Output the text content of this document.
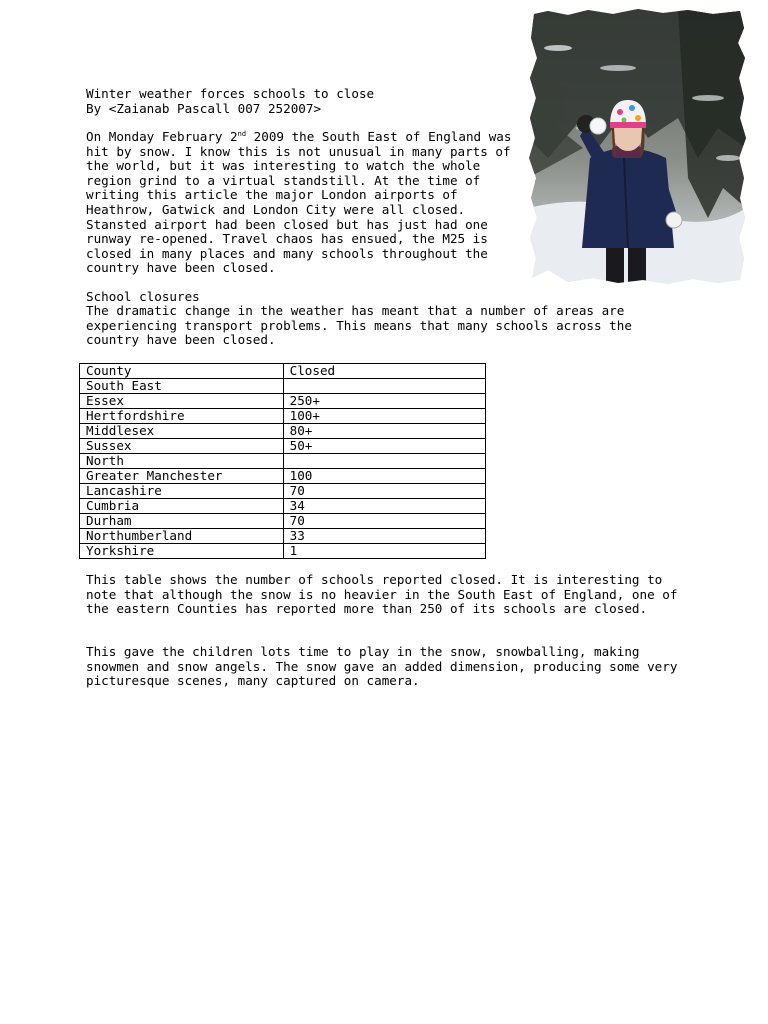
Winter weather forces schools to close
By <Zaianab Pascall 007 252007>

On Monday February 2nd 2009 the South East of England was hit by snow. I know this is not unusual in many parts of the world, but it was interesting to watch the whole region grind to a virtual standstill. At the time of writing this article the major London airports of Heathrow, Gatwick and London City were all closed. Stansted airport had been closed but has just had one runway re-opened. Travel chaos has ensued, the M25 is closed in many places and many schools throughout the country have been closed.

School closures
The dramatic change in the weather has meant that a number of areas are experiencing transport problems. This means that many schools across the country have been closed.
County	Closed
South East	
Essex	250+
Hertfordshire	100+
Middlesex	80+
Sussex	50+
North	
Greater Manchester	100
Lancashire	70
Cumbria	34
Durham	70
Northumberland	33
Yorkshire	1
This table shows the number of schools reported closed. It is interesting to note that although the snow is no heavier in the South East of England, one of the eastern Counties has reported more than 250 of its schools are closed.
This gave the children lots time to play in the snow, snowballing, making snowmen and snow angels. The snow gave an added dimension, producing some very picturesque scenes, many captured on camera.
